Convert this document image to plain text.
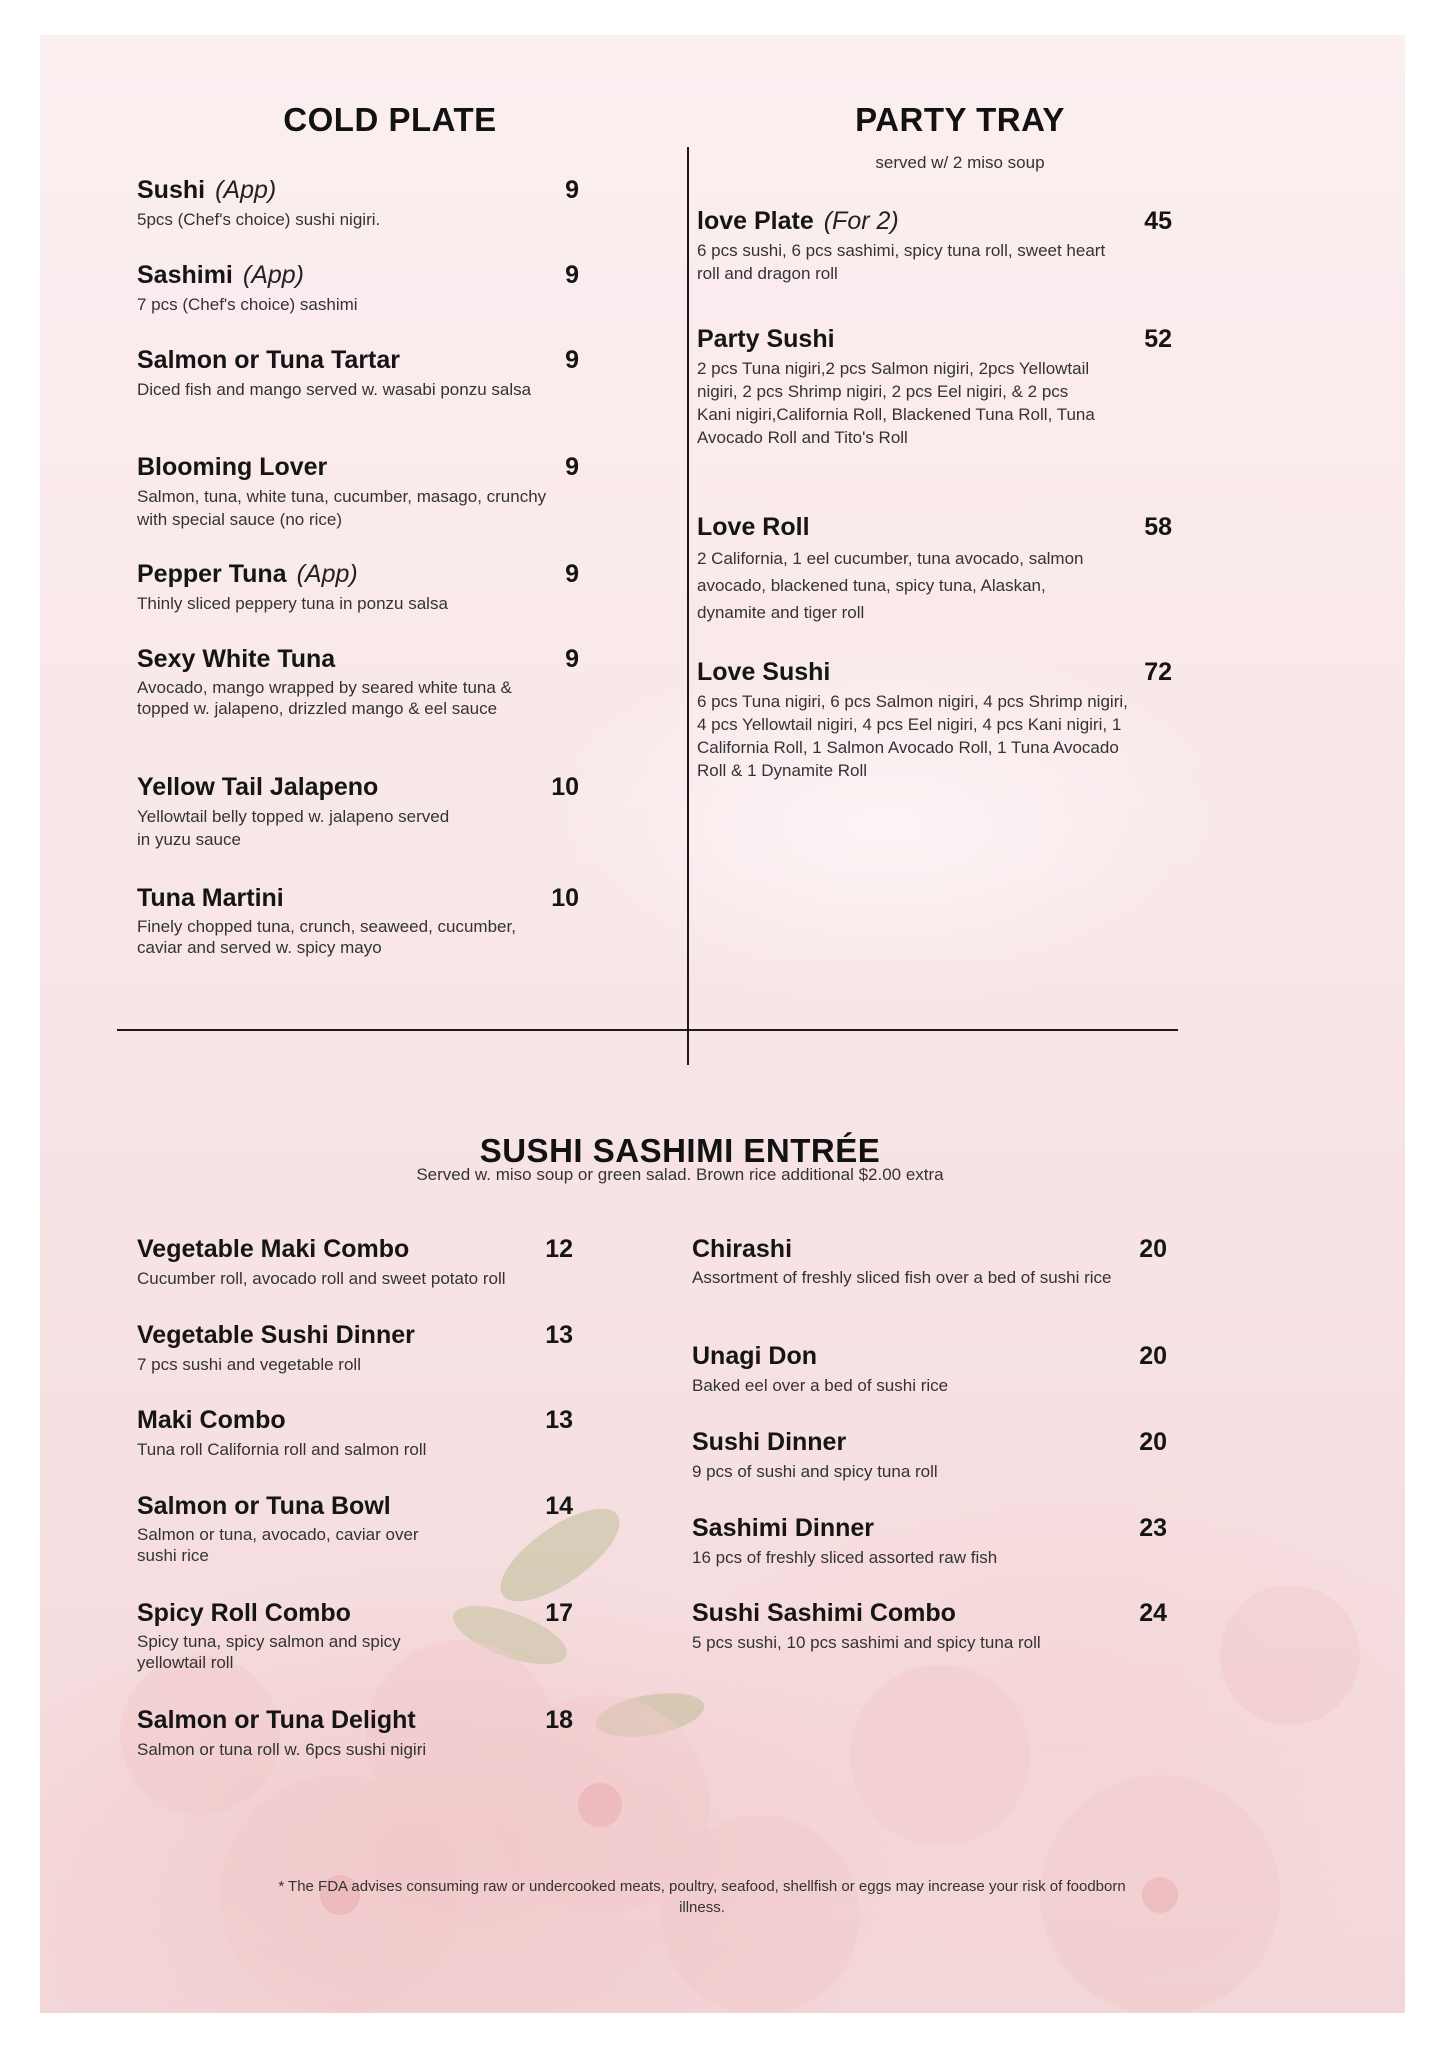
COLD PLATE
Sushi (App)	9
5pcs (Chef's choice) sushi nigiri.
Sashimi (App)	9
7 pcs (Chef's choice) sashimi
Salmon or Tuna Tartar	9
Diced fish and mango served w. wasabi ponzu salsa
Blooming Lover	9
Salmon, tuna, white tuna, cucumber, masago, crunchy with special sauce (no rice)
Pepper Tuna (App)	9
Thinly sliced peppery tuna in ponzu salsa
Sexy White Tuna	9
Avocado, mango wrapped by seared white tuna & topped w. jalapeno, drizzled mango & eel sauce
Yellow Tail Jalapeno	10
Yellowtail belly topped w. jalapeno served in yuzu sauce
Tuna Martini	10
Finely chopped tuna, crunch, seaweed, cucumber, caviar and served w. spicy mayo
PARTY TRAY
served w/ 2 miso soup
love Plate (For 2)	45
6 pcs sushi, 6 pcs sashimi, spicy tuna roll, sweet heart roll and dragon roll
Party Sushi	52
2 pcs Tuna nigiri,2 pcs Salmon nigiri, 2pcs Yellowtail nigiri, 2 pcs Shrimp nigiri, 2 pcs Eel nigiri, & 2 pcs Kani nigiri,California Roll, Blackened Tuna Roll, Tuna Avocado Roll and Tito's Roll
Love Roll	58
2 California, 1 eel cucumber, tuna avocado, salmon avocado, blackened tuna, spicy tuna, Alaskan, dynamite and tiger roll
Love Sushi	72
6 pcs Tuna nigiri, 6 pcs Salmon nigiri, 4 pcs Shrimp nigiri, 4 pcs Yellowtail nigiri, 4 pcs Eel nigiri, 4 pcs Kani nigiri, 1 California Roll, 1 Salmon Avocado Roll, 1 Tuna Avocado Roll & 1 Dynamite Roll
SUSHI SASHIMI ENTRÉE
Served w. miso soup or green salad. Brown rice additional $2.00 extra
Vegetable Maki Combo	12
Cucumber roll, avocado roll and sweet potato roll
Vegetable Sushi Dinner	13
7 pcs sushi and vegetable roll
Maki Combo	13
Tuna roll California roll and salmon roll
Salmon or Tuna Bowl	14
Salmon or tuna, avocado, caviar over sushi rice
Spicy Roll Combo	17
Spicy tuna, spicy salmon and spicy yellowtail roll
Salmon or Tuna Delight	18
Salmon or tuna roll w. 6pcs sushi nigiri
Chirashi	20
Assortment of freshly sliced fish over a bed of sushi rice
Unagi Don	20
Baked eel over a bed of sushi rice
Sushi Dinner	20
9 pcs of sushi and spicy tuna roll
Sashimi Dinner	23
16 pcs of freshly sliced assorted raw fish
Sushi Sashimi Combo	24
5 pcs sushi, 10 pcs sashimi and spicy tuna roll

* The FDA advises consuming raw or undercooked meats, poultry, seafood, shellfish or eggs may increase your risk of foodborn illness.
